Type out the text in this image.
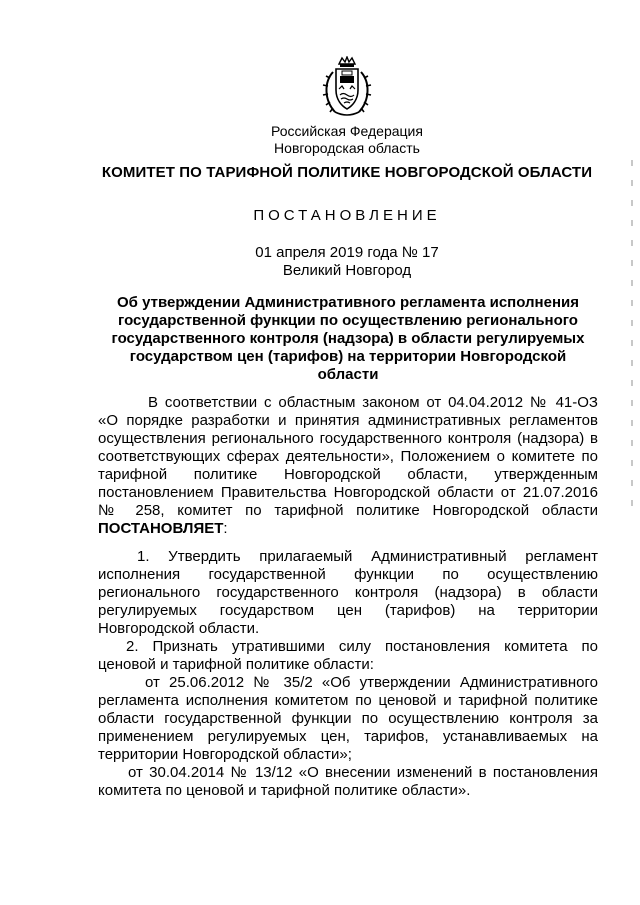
Российская Федерация
Новгородская область
КОМИТЕТ ПО ТАРИФНОЙ ПОЛИТИКЕ НОВГОРОДСКОЙ ОБЛАСТИ
ПОСТАНОВЛЕНИЕ
01 апреля 2019 года № 17
Великий Новгород
Об утверждении Административного регламента исполнения государственной функции по осуществлению регионального государственного контроля (надзора) в области регулируемых государством цен (тарифов) на территории Новгородской области

В соответствии с областным законом от 04.04.2012 № 41-ОЗ «О порядке разработки и принятия административных регламентов осуществления регионального государственного контроля (надзора) в соответствующих сферах деятельности», Положением о комитете по тарифной политике Новгородской области, утвержденным постановлением Правительства Новгородской области от 21.07.2016 № 258, комитет по тарифной политике Новгородской области ПОСТАНОВЛЯЕТ:

1. Утвердить прилагаемый Административный регламент исполнения государственной функции по осуществлению регионального государственного контроля (надзора) в области регулируемых государством цен (тарифов) на территории Новгородской области.

2. Признать утратившими силу постановления комитета по ценовой и тарифной политике области:

от 25.06.2012 № 35/2 «Об утверждении Административного регламента исполнения комитетом по ценовой и тарифной политике области государственной функции по осуществлению контроля за применением регулируемых цен, тарифов, устанавливаемых на территории Новгородской области»;

от 30.04.2014 № 13/12 «О внесении изменений в постановления комитета по ценовой и тарифной политике области».
